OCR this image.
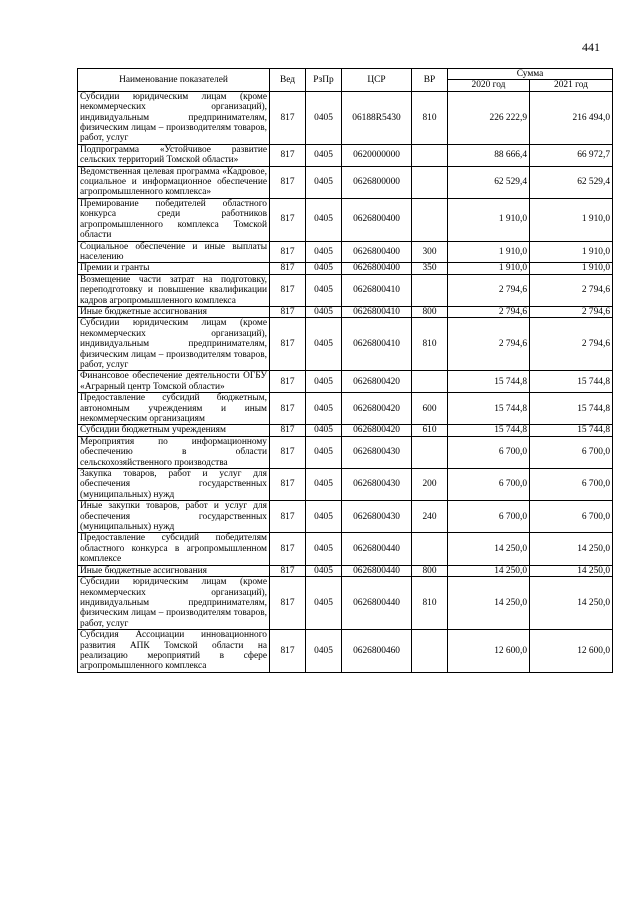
441
Наименование показателей	Вед	РзПр	ЦСР	ВР	Сумма	
					2020 год	2021 год
Субсидии юридическим лицам (кроме некоммерческих организаций), индивидуальным предпринимателям, физическим лицам – производителям товаров, работ, услуг	817	0405	06188R5430	810	226 222,9	216 494,0
Подпрограмма «Устойчивое развитие сельских территорий Томской области»	817	0405	0620000000		88 666,4	66 972,7
Ведомственная целевая программа «Кадровое, социальное и информационное обеспечение агропромышленного комплекса»	817	0405	0626800000		62 529,4	62 529,4
Премирование победителей областного конкурса среди работников агропромышленного комплекса Томской области	817	0405	0626800400		1 910,0	1 910,0
Социальное обеспечение и иные выплаты населению	817	0405	0626800400	300	1 910,0	1 910,0
Премии и гранты	817	0405	0626800400	350	1 910,0	1 910,0
Возмещение части затрат на подготовку, переподготовку и повышение квалификации кадров агропромышленного комплекса	817	0405	0626800410		2 794,6	2 794,6
Иные бюджетные ассигнования	817	0405	0626800410	800	2 794,6	2 794,6
Субсидии юридическим лицам (кроме некоммерческих организаций), индивидуальным предпринимателям, физическим лицам – производителям товаров, работ, услуг	817	0405	0626800410	810	2 794,6	2 794,6
Финансовое обеспечение деятельности ОГБУ «Аграрный центр Томской области»	817	0405	0626800420		15 744,8	15 744,8
Предоставление субсидий бюджетным, автономным учреждениям и иным некоммерческим организациям	817	0405	0626800420	600	15 744,8	15 744,8
Субсидии бюджетным учреждениям	817	0405	0626800420	610	15 744,8	15 744,8
Мероприятия по информационному обеспечению в области сельскохозяйственного производства	817	0405	0626800430		6 700,0	6 700,0
Закупка товаров, работ и услуг для обеспечения государственных (муниципальных) нужд	817	0405	0626800430	200	6 700,0	6 700,0
Иные закупки товаров, работ и услуг для обеспечения государственных (муниципальных) нужд	817	0405	0626800430	240	6 700,0	6 700,0
Предоставление субсидий победителям областного конкурса в агропромышленном комплексе	817	0405	0626800440		14 250,0	14 250,0
Иные бюджетные ассигнования	817	0405	0626800440	800	14 250,0	14 250,0
Субсидии юридическим лицам (кроме некоммерческих организаций), индивидуальным предпринимателям, физическим лицам – производителям товаров, работ, услуг	817	0405	0626800440	810	14 250,0	14 250,0
Субсидия Ассоциации инновационного развития АПК Томской области на реализацию мероприятий в сфере агропромышленного комплекса	817	0405	0626800460		12 600,0	12 600,0
